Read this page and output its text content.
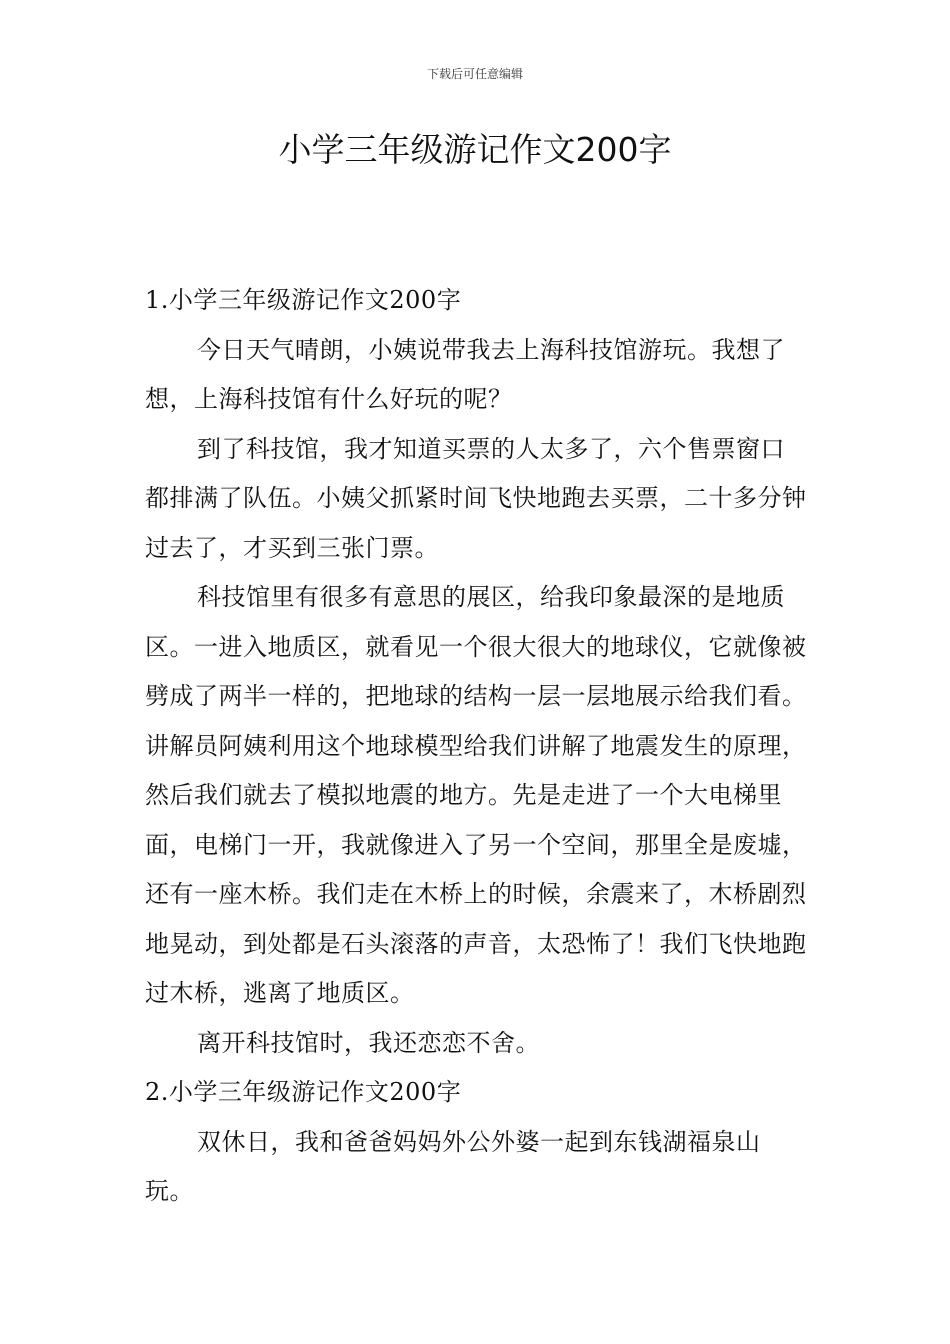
下载后可任意编辑
小学三年级游记作文200字

1.小学三年级游记作文200字

今日天气晴朗，小姨说带我去上海科技馆游玩。我想了想，上海科技馆有什么好玩的呢？

到了科技馆，我才知道买票的人太多了，六个售票窗口都排满了队伍。小姨父抓紧时间飞快地跑去买票，二十多分钟过去了，才买到三张门票。

科技馆里有很多有意思的展区，给我印象最深的是地质区。一进入地质区，就看见一个很大很大的地球仪，它就像被劈成了两半一样的，把地球的结构一层一层地展示给我们看。讲解员阿姨利用这个地球模型给我们讲解了地震发生的原理，然后我们就去了模拟地震的地方。先是走进了一个大电梯里面，电梯门一开，我就像进入了另一个空间，那里全是废墟，还有一座木桥。我们走在木桥上的时候，余震来了，木桥剧烈地晃动，到处都是石头滚落的声音，太恐怖了！我们飞快地跑过木桥，逃离了地质区。

离开科技馆时，我还恋恋不舍。

2.小学三年级游记作文200字

双休日，我和爸爸妈妈外公外婆一起到东钱湖福泉山玩。
